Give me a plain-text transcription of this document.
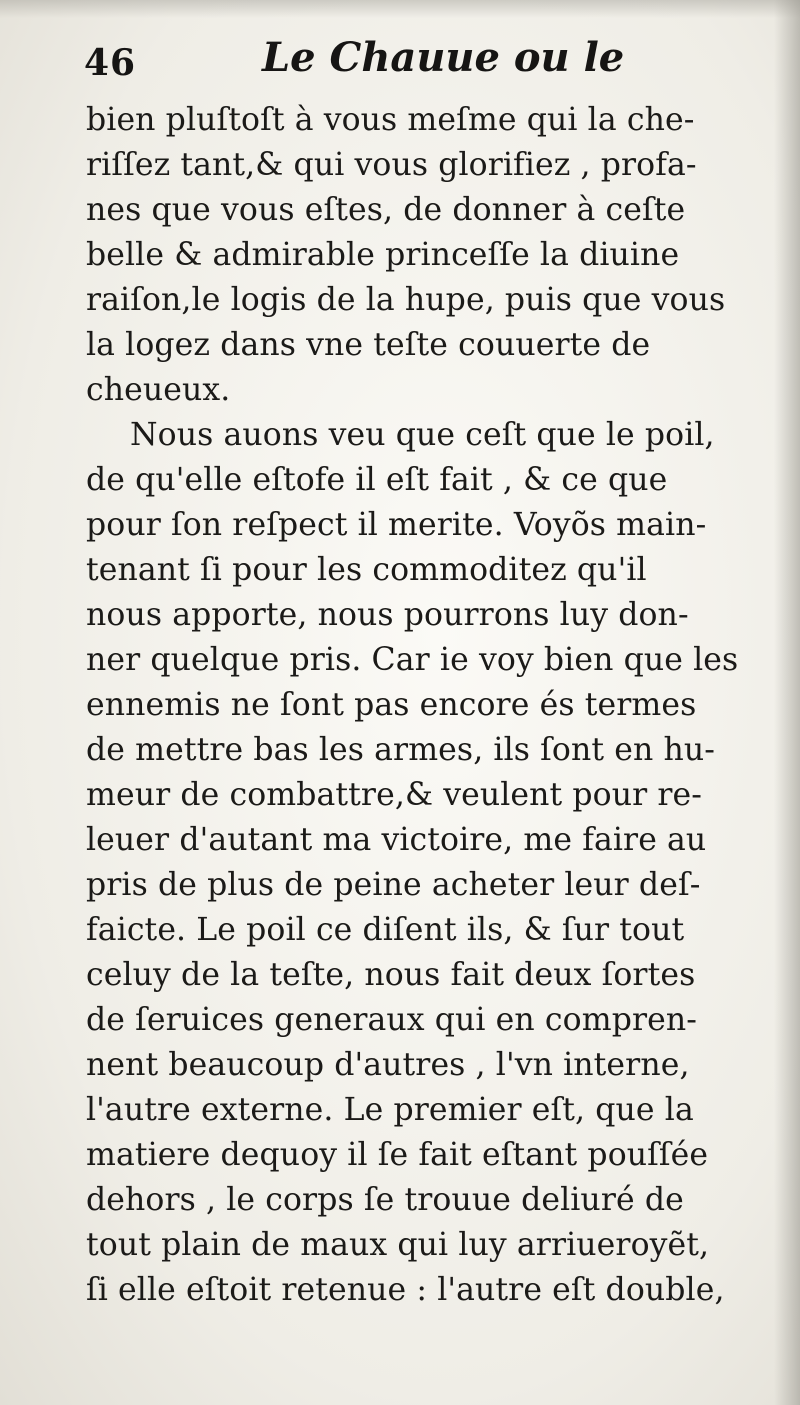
46	Le Chauue ou le
bien pluſtoſt à vous meſme qui la che-
riſſez tant,& qui vous glorifiez , profa-
nes que vous eſtes, de donner à ceſte
belle & admirable princeſſe la diuine
raiſon,le logis de la hupe, puis que vous
la logez dans vne teſte couuerte de
cheueux.
Nous auons veu que ceſt que le poil,
de qu'elle eſtofe il eſt fait , & ce que
pour ſon reſpect il merite. Voyõs main-
tenant ſi pour les commoditez qu'il
nous apporte, nous pourrons luy don-
ner quelque pris. Car ie voy bien que les
ennemis ne ſont pas encore és termes
de mettre bas les armes, ils ſont en hu-
meur de combattre,& veulent pour re-
leuer d'autant ma victoire, me faire au
pris de plus de peine acheter leur deſ-
faicte. Le poil ce diſent ils, & ſur tout
celuy de la teſte, nous fait deux ſortes
de ſeruices generaux qui en compren-
nent beaucoup d'autres , l'vn interne,
l'autre externe. Le premier eſt, que la
matiere dequoy il ſe fait eſtant pouſſée
dehors , le corps ſe trouue deliuré de
tout plain de maux qui luy arriueroyẽt,
ſi elle eſtoit retenue : l'autre eſt double,
